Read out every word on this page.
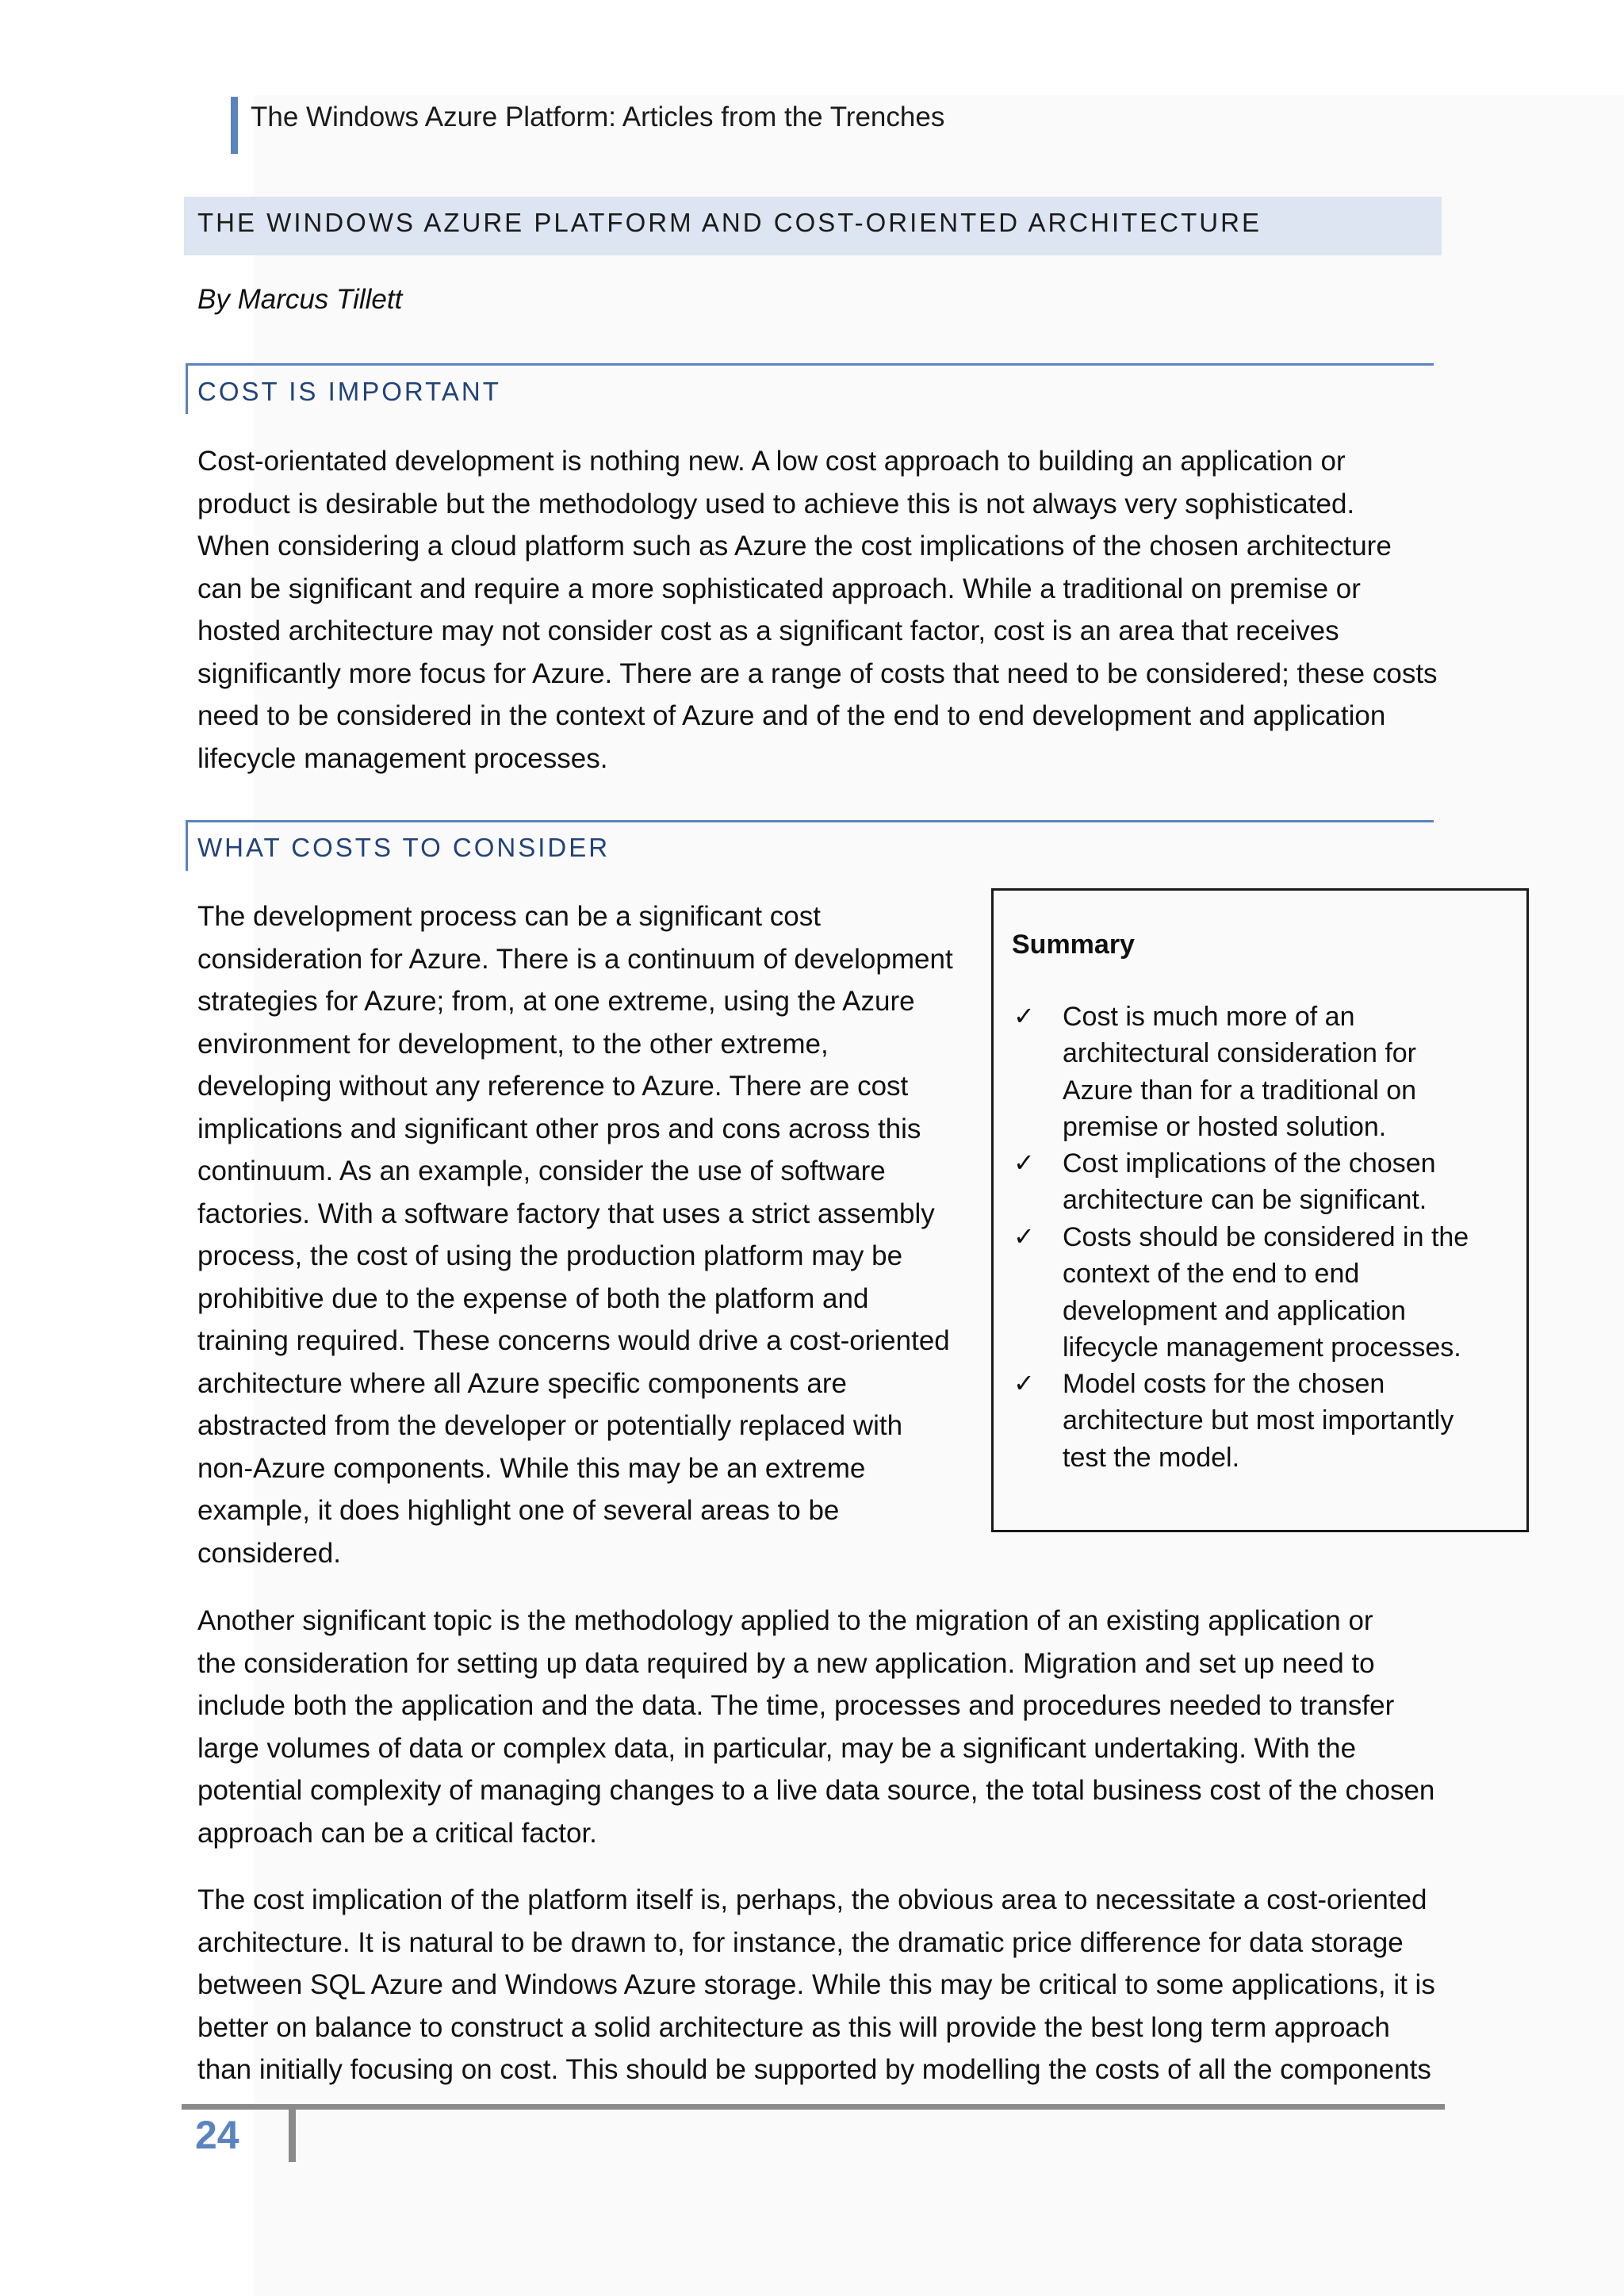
The Windows Azure Platform: Articles from the Trenches
THE WINDOWS AZURE PLATFORM AND COST-ORIENTED ARCHITECTURE
By Marcus Tillett
COST IS IMPORTANT
Cost-orientated development is nothing new. A low cost approach to building an application or
product is desirable but the methodology used to achieve this is not always very sophisticated.
When considering a cloud platform such as Azure the cost implications of the chosen architecture
can be significant and require a more sophisticated approach. While a traditional on premise or
hosted architecture may not consider cost as a significant factor, cost is an area that receives
significantly more focus for Azure. There are a range of costs that need to be considered; these costs
need to be considered in the context of Azure and of the end to end development and application
lifecycle management processes.
WHAT COSTS TO CONSIDER
The development process can be a significant cost
consideration for Azure. There is a continuum of development
strategies for Azure; from, at one extreme, using the Azure
environment for development, to the other extreme,
developing without any reference to Azure. There are cost
implications and significant other pros and cons across this
continuum. As an example, consider the use of software
factories. With a software factory that uses a strict assembly
process, the cost of using the production platform may be
prohibitive due to the expense of both the platform and
training required. These concerns would drive a cost-oriented
architecture where all Azure specific components are
abstracted from the developer or potentially replaced with
non-Azure components. While this may be an extreme
example, it does highlight one of several areas to be
considered.
Summary
✓ Cost is much more of an
architectural consideration for
Azure than for a traditional on
premise or hosted solution.
✓ Cost implications of the chosen
architecture can be significant.
✓ Costs should be considered in the
context of the end to end
development and application
lifecycle management processes.
✓ Model costs for the chosen
architecture but most importantly
test the model.
Another significant topic is the methodology applied to the migration of an existing application or
the consideration for setting up data required by a new application. Migration and set up need to
include both the application and the data. The time, processes and procedures needed to transfer
large volumes of data or complex data, in particular, may be a significant undertaking. With the
potential complexity of managing changes to a live data source, the total business cost of the chosen
approach can be a critical factor.
The cost implication of the platform itself is, perhaps, the obvious area to necessitate a cost-oriented
architecture. It is natural to be drawn to, for instance, the dramatic price difference for data storage
between SQL Azure and Windows Azure storage. While this may be critical to some applications, it is
better on balance to construct a solid architecture as this will provide the best long term approach
than initially focusing on cost. This should be supported by modelling the costs of all the components
24
